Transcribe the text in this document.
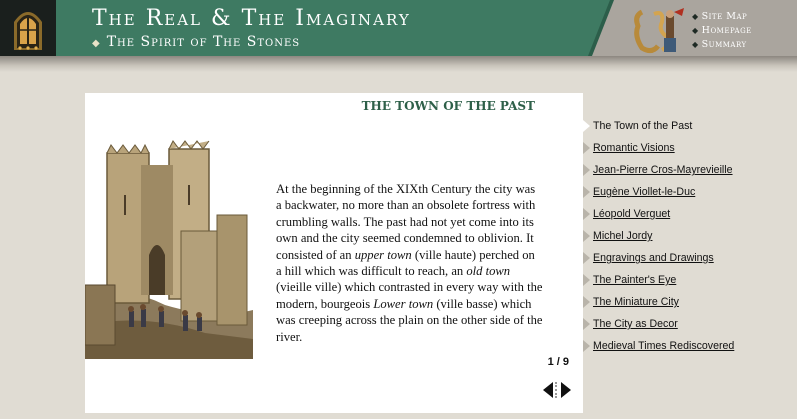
The Real & The Imaginary
◆ The Spirit of The Stones
◆ Site Map
◆ Homepage
◆ Summary
THE TOWN OF THE PAST

At the beginning of the XIXth Century the city was a backwater, no more than an obsolete fortress with crumbling walls. The past had not yet come into its own and the city seemed condemned to oblivion. It consisted of an upper town (ville haute) perched on a hill which was difficult to reach, an old town (vieille ville) which contrasted in every way with the modern, bourgeois Lower town (ville basse) which was creeping across the plain on the other side of the river.

1 / 9
The Town of the Past
Romantic Visions
Jean-Pierre Cros-Mayrevieille
Eugène Viollet-le-Duc
Léopold Verguet
Michel Jordy
Engravings and Drawings
The Painter's Eye
The Miniature City
The City as Decor
Medieval Times Rediscovered
